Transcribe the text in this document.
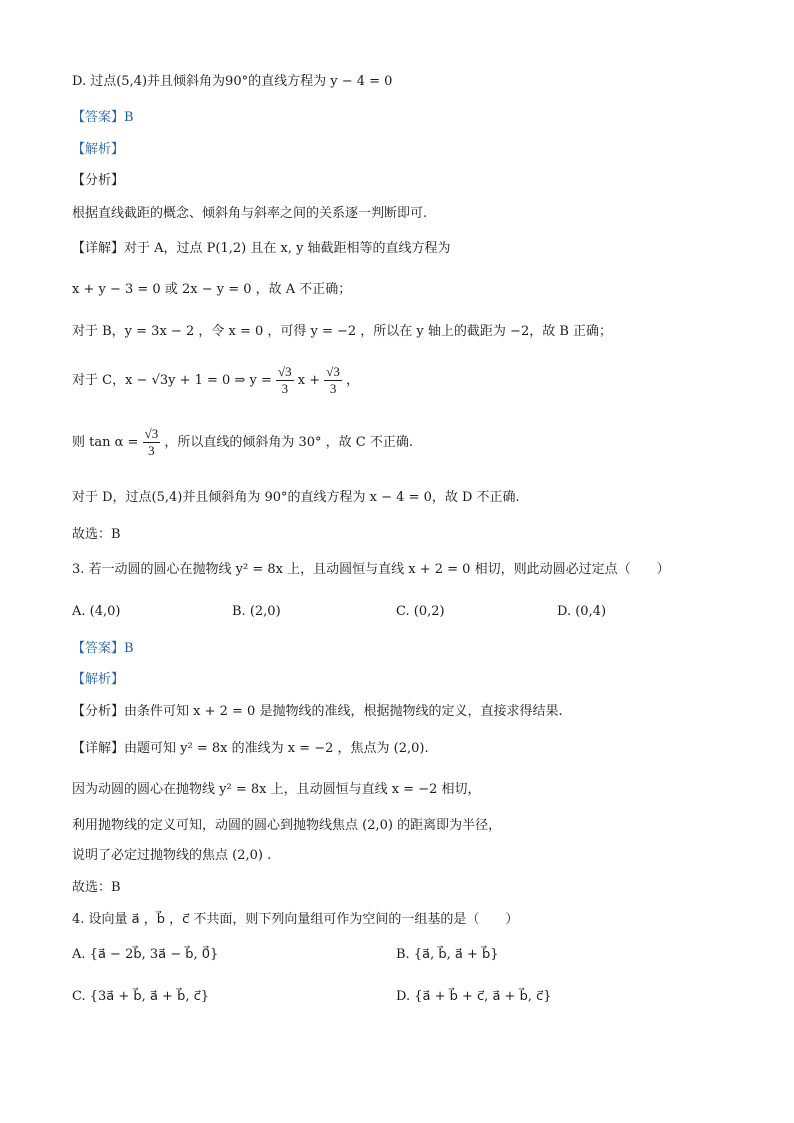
D. 过点(5,4)并且倾斜角为90°的直线方程为 y − 4 = 0
【答案】B
【解析】
【分析】
根据直线截距的概念、倾斜角与斜率之间的关系逐一判断即可.
【详解】对于 A，过点 P(1,2) 且在 x, y 轴截距相等的直线方程为
x + y − 3 = 0 或 2x − y = 0 ，故 A 不正确；
对于 B，y = 3x − 2 ，令 x = 0 ，可得 y = −2 ，所以在 y 轴上的截距为 −2，故 B 正确；
对于 C，x − √3y + 1 = 0 ⇒ $y = \frac{√3}{3}$ $x + \frac{√3}{3}$ ，
则 $\tan \alpha = \frac{√3}{3}$ ，所以直线的倾斜角为 30° ，故 C 不正确.
对于 D，过点(5,4)并且倾斜角为 90°的直线方程为 x − 4 = 0，故 D 不正确.
故选：B
3. 若一动圆的圆心在抛物线 y² = 8x 上，且动圆恒与直线 x + 2 = 0 相切，则此动圆必过定点（　　）
A. (4,0)	B. (2,0)	C. (0,2)	D. (0,4)
【答案】B
【解析】
【分析】由条件可知 x + 2 = 0 是抛物线的准线，根据抛物线的定义，直接求得结果.
【详解】由题可知 y² = 8x 的准线为 x = −2 ，焦点为 (2,0).
因为动圆的圆心在抛物线 y² = 8x 上，且动圆恒与直线 x = −2 相切，
利用抛物线的定义可知，动圆的圆心到抛物线焦点 (2,0) 的距离即为半径，
说明了必定过抛物线的焦点 (2,0) .
故选：B
4. 设向量 a⃗ ，b⃗ ，c⃗ 不共面，则下列向量组可作为空间的一组基的是（　　）
A. {a⃗ − 2b⃗, 3a⃗ − b⃗, 0⃗}	B. {a⃗, b⃗, a⃗ + b⃗}
C. {3a⃗ + b⃗, a⃗ + b⃗, c⃗}	D. {a⃗ + b⃗ + c⃗, a⃗ + b⃗, c⃗}
